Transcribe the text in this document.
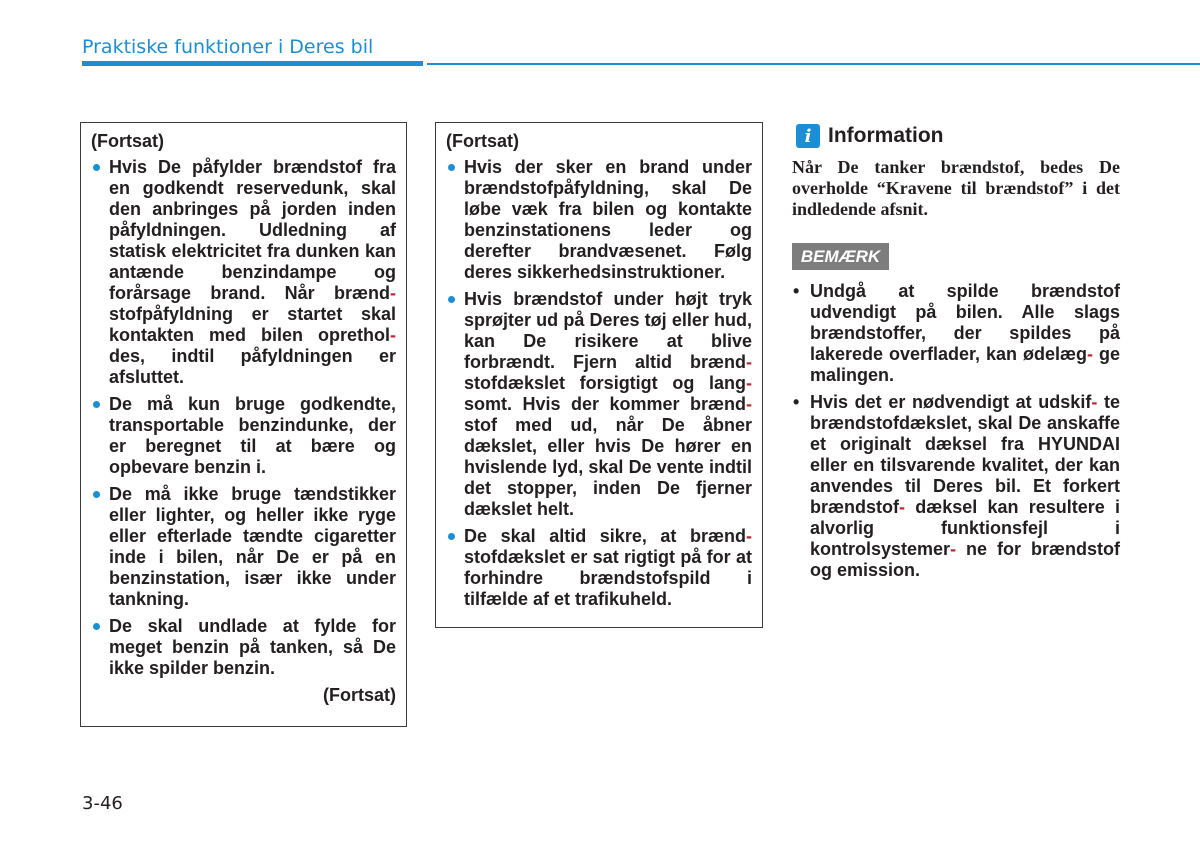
Praktiske funktioner i Deres bil
(Fortsat)
Hvis De påfylder brændstof fra en godkendt reservedunk, skal den anbringes på jorden inden påfyldningen. Udledning af statisk elektricitet fra dunken kan antænde benzindampe og forårsage brand. Når brænd- stofpåfyldning er startet skal kontakten med bilen oprethol- des, indtil påfyldningen er afsluttet.
De må kun bruge godkendte, transportable benzindunke, der er beregnet til at bære og opbevare benzin i.
De må ikke bruge tændstikker eller lighter, og heller ikke ryge eller efterlade tændte cigaretter inde i bilen, når De er på en benzinstation, især ikke under tankning.
De skal undlade at fylde for meget benzin på tanken, så De ikke spilder benzin.
(Fortsat)
(Fortsat)
Hvis der sker en brand under brændstofpåfyldning, skal De løbe væk fra bilen og kontakte benzinstationens leder og derefter brandvæsenet. Følg deres sikkerhedsinstruktioner.
Hvis brændstof under højt tryk sprøjter ud på Deres tøj eller hud, kan De risikere at blive forbrændt. Fjern altid brænd- stofdækslet forsigtigt og lang- somt. Hvis der kommer brænd- stof med ud, når De åbner dækslet, eller hvis De hører en hvislende lyd, skal De vente indtil det stopper, inden De fjerner dækslet helt.
De skal altid sikre, at brænd- stofdækslet er sat rigtigt på for at forhindre brændstofspild i tilfælde af et trafikuheld.
i Information
Når De tanker brændstof, bedes De overholde “Kravene til brændstof” i det indledende afsnit.
BEMÆRK
• Undgå at spilde brændstof udvendigt på bilen. Alle slags brændstoffer, der spildes på lakerede overflader, kan ødelæg- ge malingen.
• Hvis det er nødvendigt at udskif- te brændstofdækslet, skal De anskaffe et originalt dæksel fra HYUNDAI eller en tilsvarende kvalitet, der kan anvendes til Deres bil. Et forkert brændstof- dæksel kan resultere i alvorlig funktionsfejl i kontrolsystemer- ne for brændstof og emission.
3-46
